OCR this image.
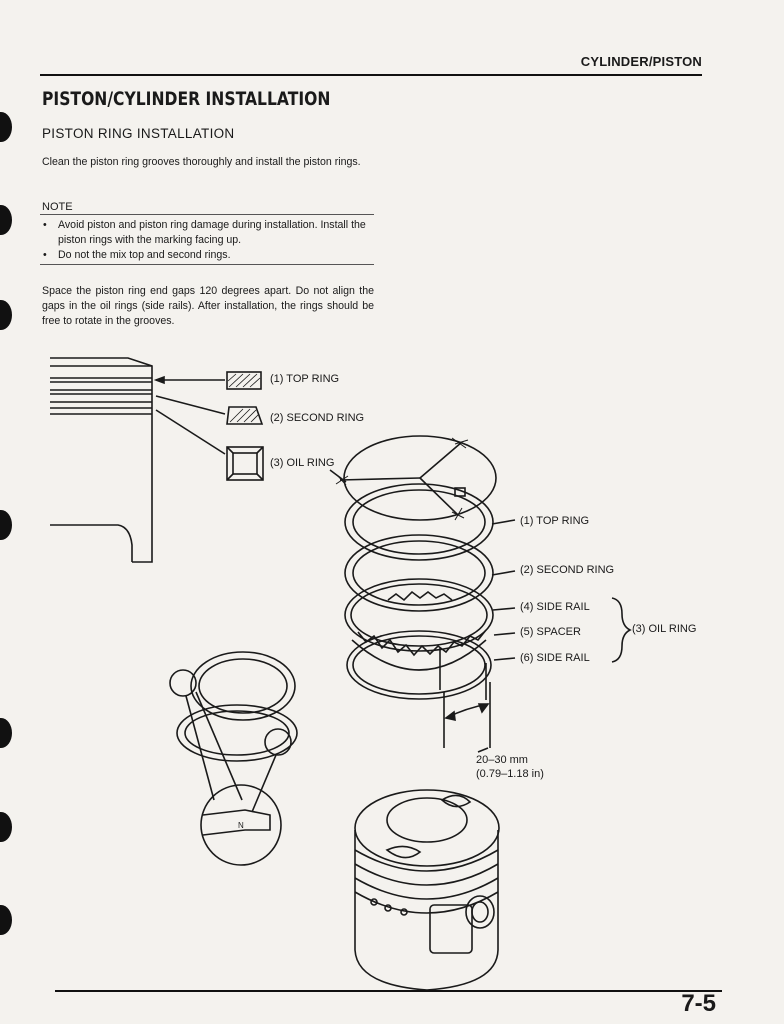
CYLINDER/PISTON
PISTON/CYLINDER INSTALLATION
PISTON RING INSTALLATION
Clean the piston ring grooves thoroughly and install the piston rings.
NOTE
• Avoid piston and piston ring damage during installation. Install the piston rings with the marking facing up.
• Do not the mix top and second rings.
Space the piston ring end gaps 120 degrees apart. Do not align the gaps in the oil rings (side rails). After installation, the rings should be free to rotate in the grooves.
N
(1) TOP RING
(2) SECOND RING
(3) OIL RING
(1) TOP RING
(2) SECOND RING
(4) SIDE RAIL
(5) SPACER
(6) SIDE RAIL
(3) OIL RING
20–30 mm
(0.79–1.18 in)
7-5
